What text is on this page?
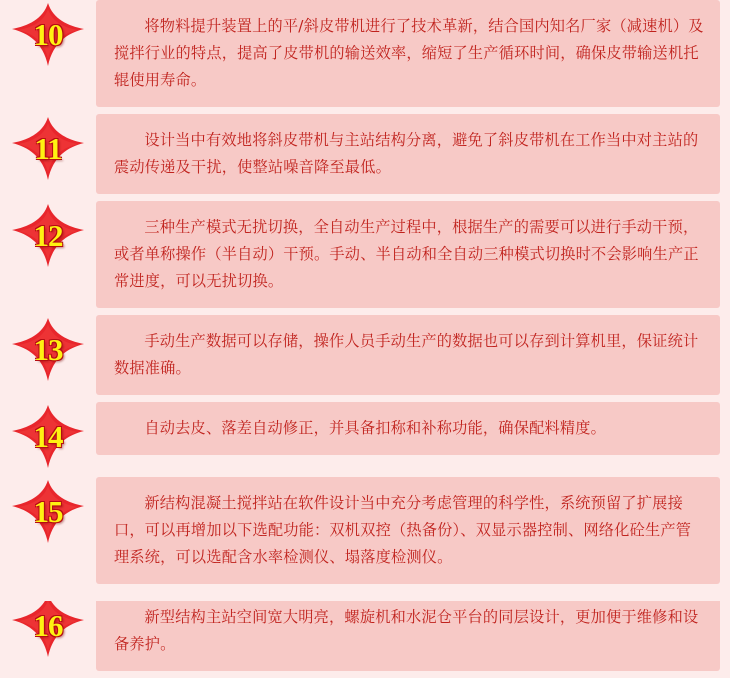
10	将物料提升装置上的平/斜皮带机进行了技术革新，结合国内知名厂家（减速机）及搅拌行业的特点，提高了皮带机的输送效率，缩短了生产循环时间，确保皮带输送机托辊使用寿命。

11	设计当中有效地将斜皮带机与主站结构分离，避免了斜皮带机在工作当中对主站的震动传递及干扰，使整站噪音降至最低。

12	三种生产模式无扰切换，全自动生产过程中，根据生产的需要可以进行手动干预，或者单称操作（半自动）干预。手动、半自动和全自动三种模式切换时不会影响生产正常进度，可以无扰切换。

13	手动生产数据可以存储，操作人员手动生产的数据也可以存到计算机里，保证统计数据准确。

14	自动去皮、落差自动修正，并具备扣称和补称功能，确保配料精度。

15	新结构混凝土搅拌站在软件设计当中充分考虑管理的科学性，系统预留了扩展接口，可以再增加以下选配功能：双机双控（热备份）、双显示器控制、网络化砼生产管理系统，可以选配含水率检测仪、塌落度检测仪。

16	新型结构主站空间宽大明亮，螺旋机和水泥仓平台的同层设计，更加便于维修和设备养护。
